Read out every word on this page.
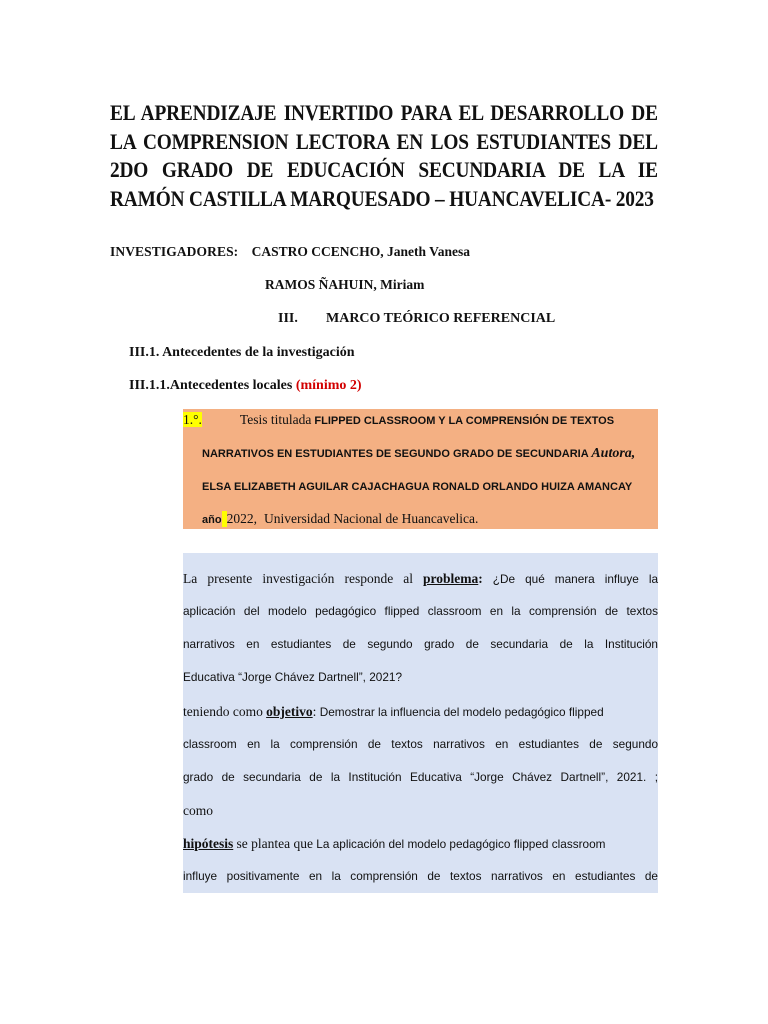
EL APRENDIZAJE INVERTIDO PARA EL DESARROLLO DE LA COMPRENSION LECTORA EN LOS ESTUDIANTES DEL 2DO GRADO DE EDUCACIÓN SECUNDARIA DE LA IE RAMÓN CASTILLA MARQUESADO – HUANCAVELICA- 2023
INVESTIGADORES: CASTRO CCENCHO, Janeth Vanesa
RAMOS ÑAHUIN, Miriam
III. MARCO TEÓRICO REFERENCIAL
III.1. Antecedentes de la investigación
III.1.1.Antecedentes locales (mínimo 2)
1.°.	Tesis titulada FLIPPED CLASSROOM Y LA COMPRENSIÓN DE TEXTOS
NARRATIVOS EN ESTUDIANTES DE SEGUNDO GRADO DE SECUNDARIA Autora,
ELSA ELIZABETH AGUILAR CAJACHAGUA RONALD ORLANDO HUIZA AMANCAY
año 2022, Universidad Nacional de Huancavelica.
La presente investigación responde al problema: ¿De qué manera influye la
aplicación del modelo pedagógico flipped classroom en la comprensión de textos
narrativos en estudiantes de segundo grado de secundaria de la Institución
Educativa “Jorge Chávez Dartnell”, 2021?
teniendo como objetivo: Demostrar la influencia del modelo pedagógico flipped
classroom en la comprensión de textos narrativos en estudiantes de segundo
grado de secundaria de la Institución Educativa “Jorge Chávez Dartnell”, 2021. ;
como
hipótesis se plantea que La aplicación del modelo pedagógico flipped classroom
influye positivamente en la comprensión de textos narrativos en estudiantes de
